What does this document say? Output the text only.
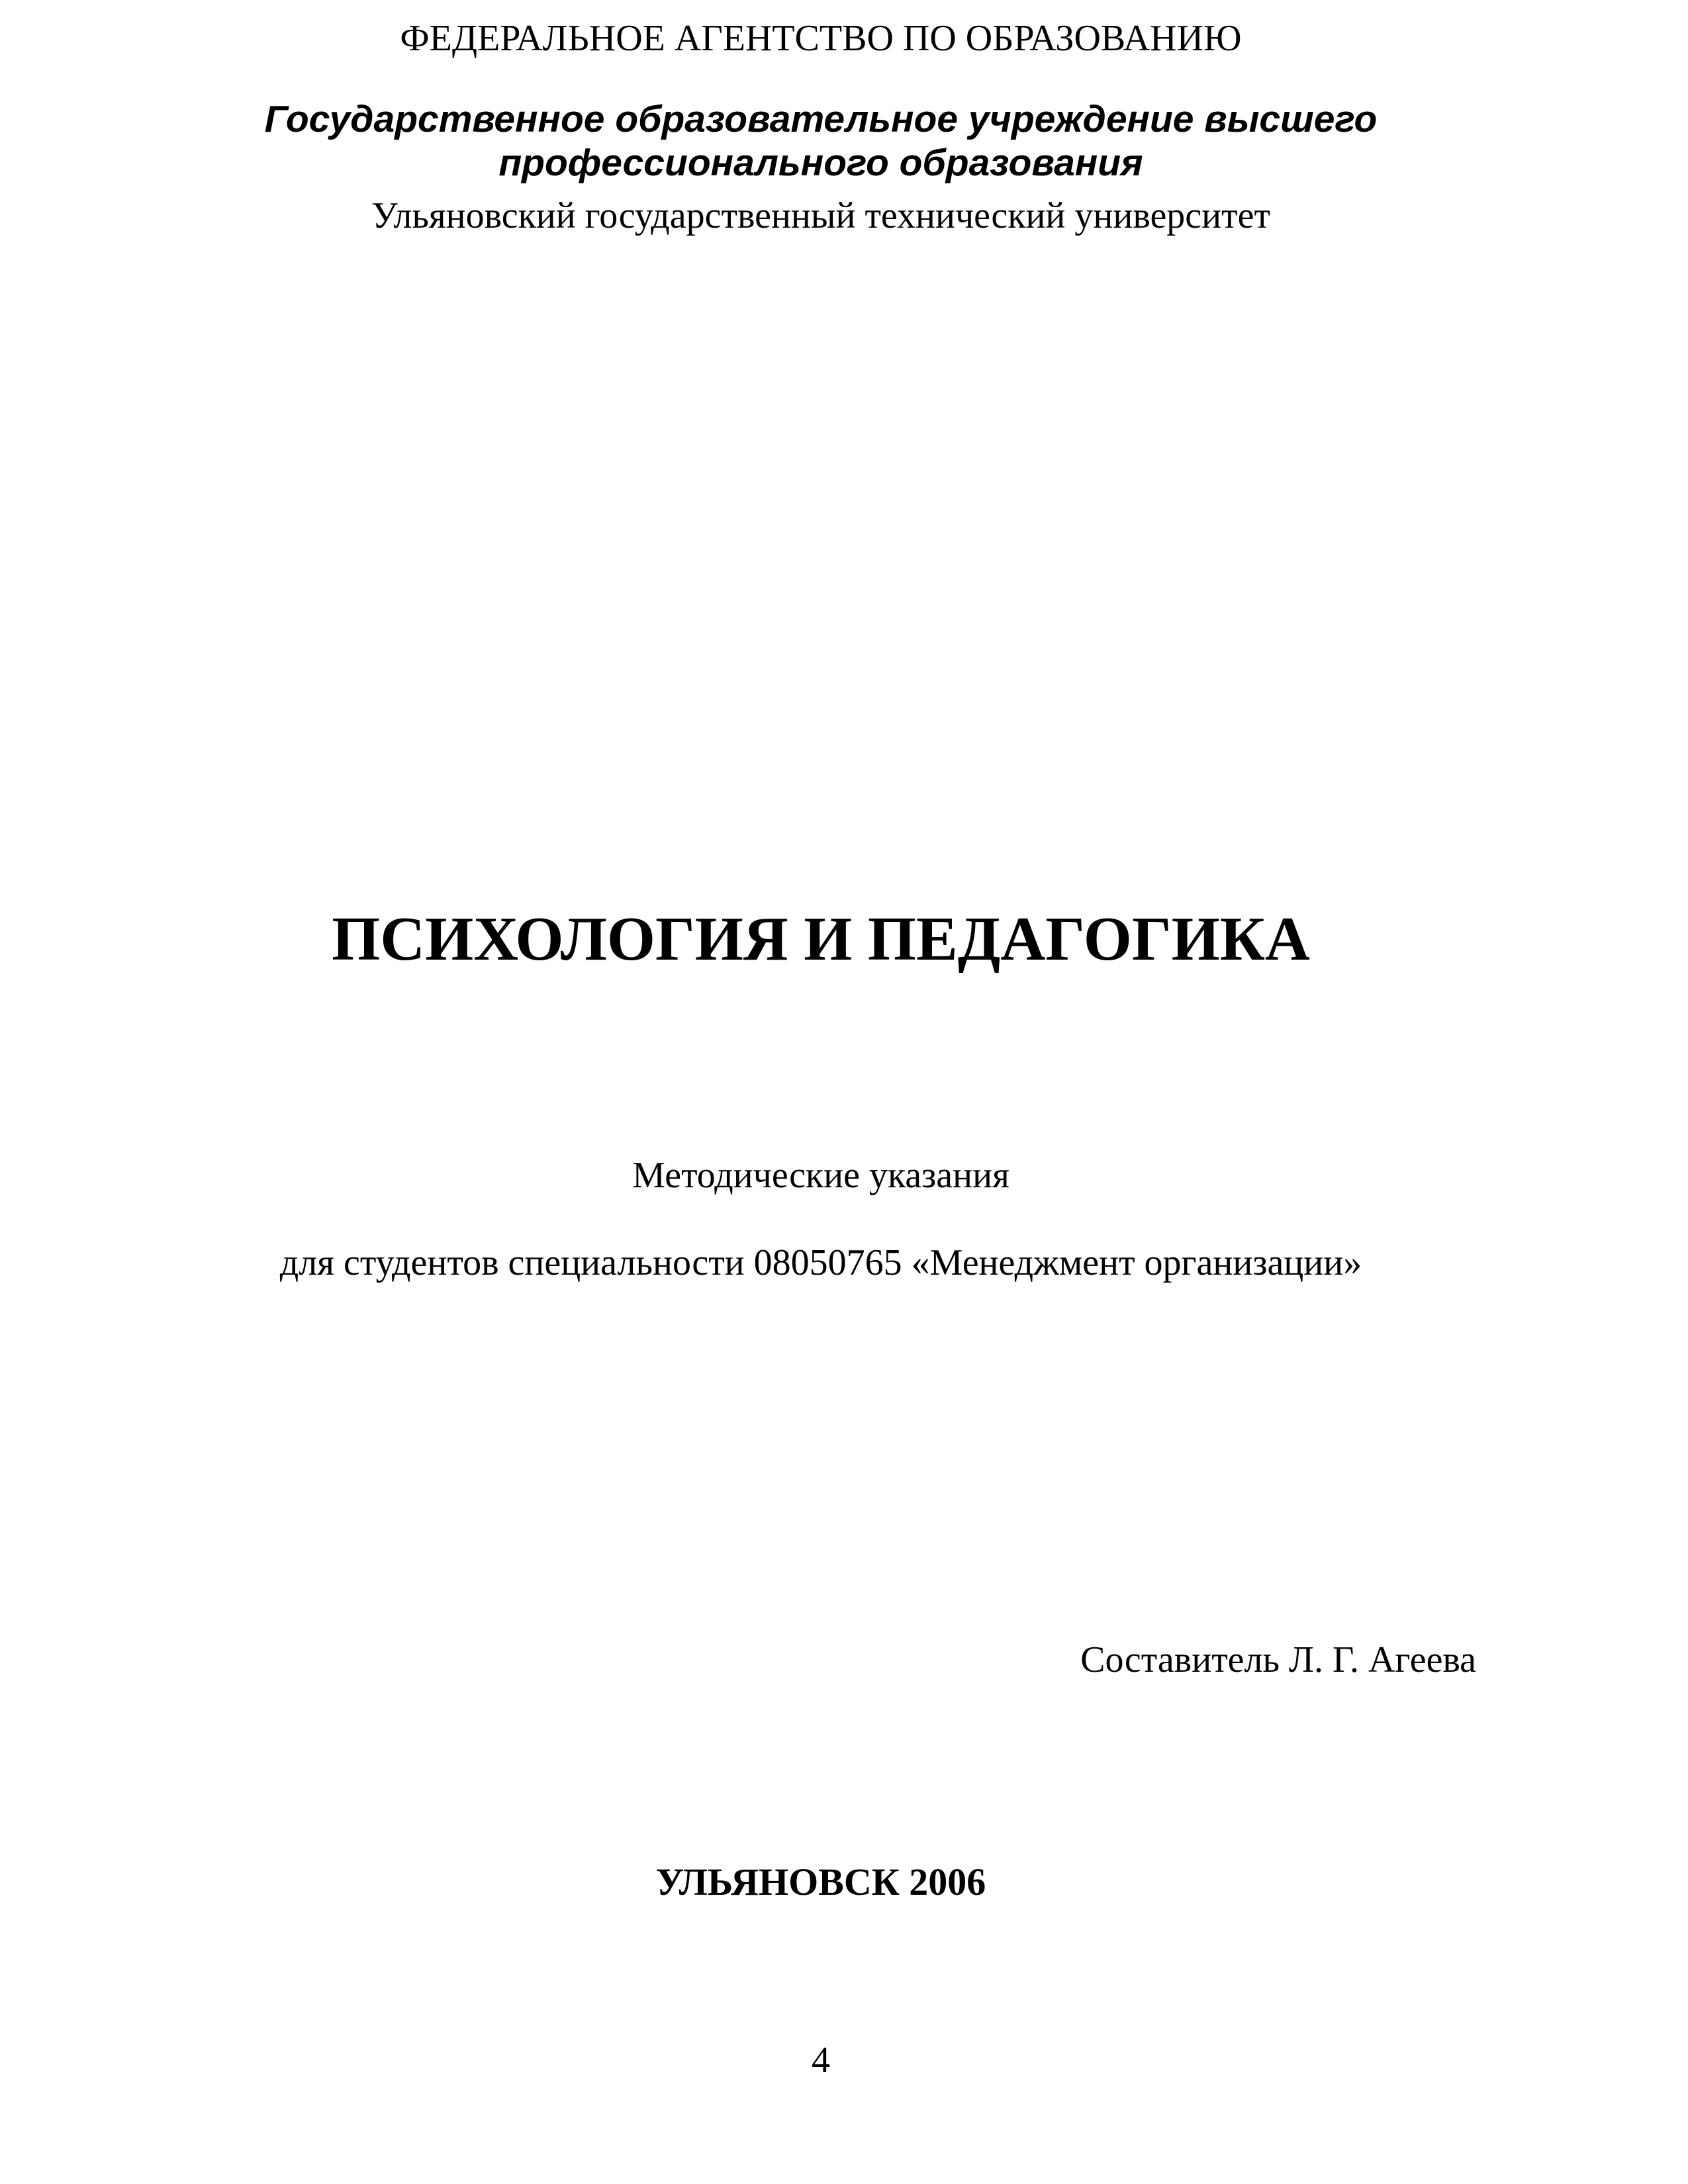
ФЕДЕРАЛЬНОЕ АГЕНТСТВО ПО ОБРАЗОВАНИЮ
Государственное образовательное учреждение высшего
профессионального образования
Ульяновский государственный технический университет
ПСИХОЛОГИЯ И ПЕДАГОГИКА
Методические указания
для студентов специальности 08050765 «Менеджмент организации»
Составитель Л. Г. Агеева
УЛЬЯНОВСК 2006
4
